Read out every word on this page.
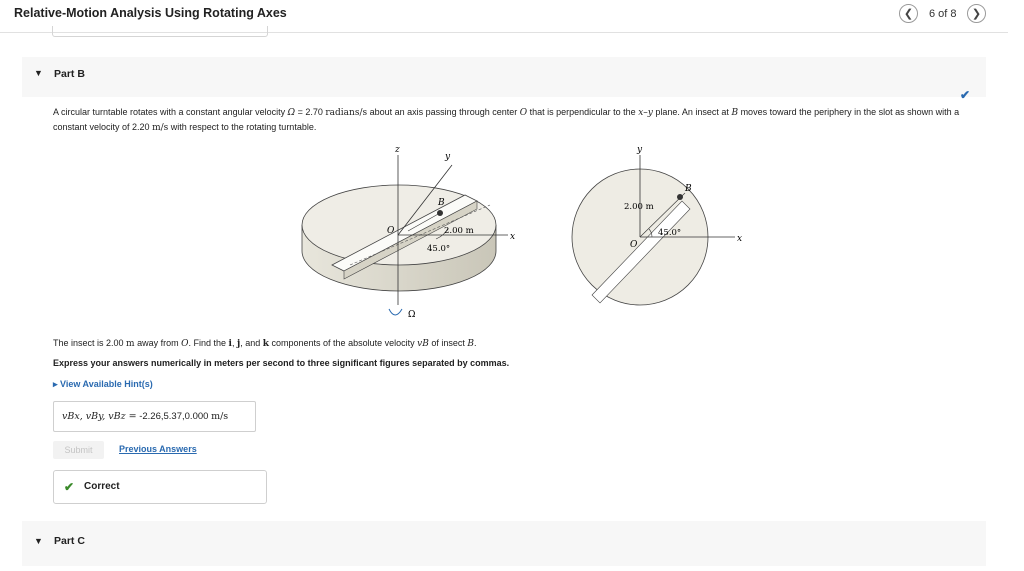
Relative-Motion Analysis Using Rotating Axes	❮	6 of 8	❯
▼ Part B
✔
A circular turntable rotates with a constant angular velocity Ω = 2.70 radians/s about an axis passing through center O that is perpendicular to the x–y plane. An insect at B moves toward the periphery in the slot as shown with a constant velocity of 2.20 m/s with respect to the rotating turntable.
z
y
x
O
B
2.00 m
45.0°
Ω
y
x
O
B
2.00 m
45.0°
The insect is 2.00 m away from O. Find the i, j, and k components of the absolute velocity vB of insect B.
Express your answers numerically in meters per second to three significant figures separated by commas.
▸ View Available Hint(s)
vBx, vBy, vBz = -2.26,5.37,0.000 m/s
Submit	Previous Answers
✔ Correct
▼ Part C
